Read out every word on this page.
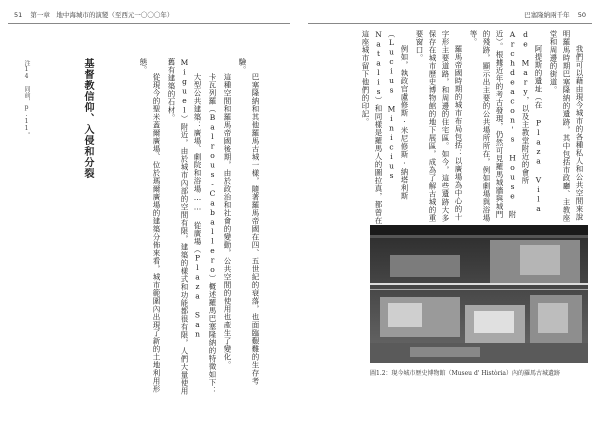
51 第一章　地中海城市的演變（至西元一〇〇〇年）	巴塞隆納兩千年 50
注14　同前，p.11。	基督教信仰、入侵和分裂	巴塞隆納和其他羅馬古城一樣，隨著羅馬帝國在四、五世紀的衰落，也面臨艱難的生存考驗。

這種空間和羅馬帝國後期，由於政治和社會的變動，公共空間的使用也產生了變化。

卡瓦列羅（Balrous-Caballero）概述羅馬巴塞隆納的特徵如下：

大型公共建築：廣場、劇院和浴場…… 從廣場（Plaza San Miguel）附近，由於城市內部的空間有限，建築的樣式和功能都很有限，人們大量使用舊有建築的石材。

從現今的聖米蓋爾廣場、位於瑪爾廣場的建築分佈來看，城市範圍內出現了新的土地利用形態。	我們可以藉由現今城市的各種私人和公共空間來說明羅馬時期巴塞隆納的遺跡，其中包括市政廳、主教座堂和周邊的街道。

阿提斯的遺址（在 Plaza Vila de Mary，以及主教堂附近的會所 Archdeacon's House 附近）。根據近年的考古發現，仍然可見羅馬城牆與城門的殘跡，顯示出主要的公共場所所在，例如劇場與浴場等。

羅馬帝國時期的城市布局包括：以廣場為中心的十字形主要道路，和周邊的住宅區。如今，這些遺跡大多保存在城市歷史博物館的地下展區，成為了解古城的重要窗口。

例如，執政官盧修斯·米尼修斯·納塔利斯（Lucius Minicius Natalis）和同樣是羅馬人的圖拉真，都曾在這座城市留下他們的印記。

圖1.2：現今城市歷史博物館（Museu d' Història）內的羅馬古城遺跡
